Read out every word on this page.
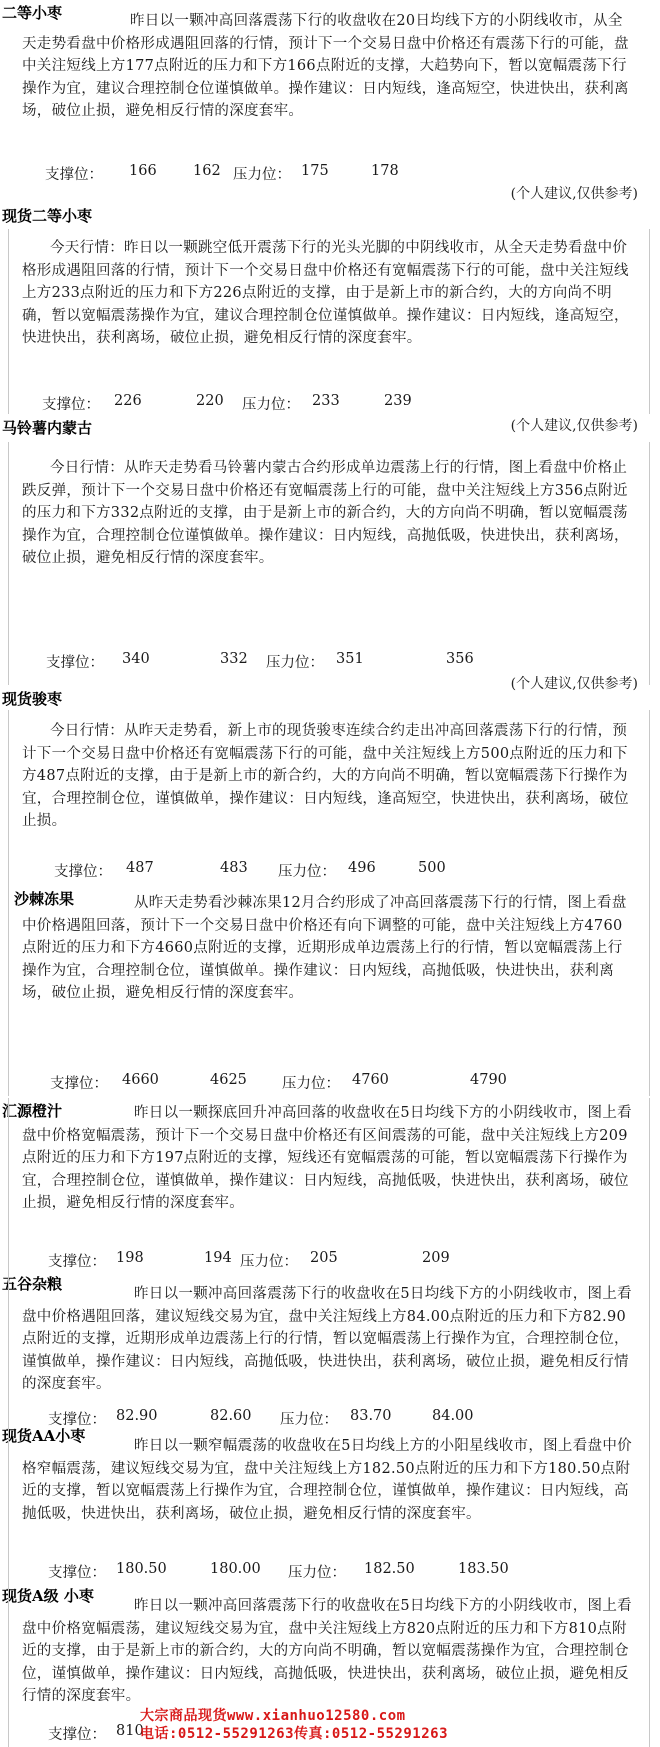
二等小枣	昨日以一颗冲高回落震荡下行的收盘收在20日均线下方的小阴线收市，从全天走势看盘中价格形成遇阻回落的行情，预计下一个交易日盘中价格还有震荡下行的可能，盘中关注短线上方177点附近的压力和下方166点附近的支撑，大趋势向下，暂以宽幅震荡下行操作为宜，建议合理控制仓位谨慎做单。操作建议：日内短线，逢高短空，快进快出，获利离场，破位止损，避免相反行情的深度套牢。
支撑位： 166	162 压力位： 175	178
(个人建议,仅供参考)
现货二等小枣
今天行情：昨日以一颗跳空低开震荡下行的光头光脚的中阴线收市，从全天走势看盘中价格形成遇阻回落的行情，预计下一个交易日盘中价格还有宽幅震荡下行的可能，盘中关注短线上方233点附近的压力和下方226点附近的支撑，由于是新上市的新合约，大的方向尚不明确，暂以宽幅震荡操作为宜，建议合理控制仓位谨慎做单。操作建议：日内短线，逢高短空，快进快出，获利离场，破位止损，避免相反行情的深度套牢。
支撑位： 226	220 压力位： 233	239
马铃薯内蒙古	(个人建议,仅供参考)
今日行情：从昨天走势看马铃薯内蒙古合约形成单边震荡上行的行情，图上看盘中价格止跌反弹，预计下一个交易日盘中价格还有宽幅震荡上行的可能，盘中关注短线上方356点附近的压力和下方332点附近的支撑，由于是新上市的新合约，大的方向尚不明确，暂以宽幅震荡操作为宜，合理控制仓位谨慎做单。操作建议：日内短线，高抛低吸，快进快出，获利离场，破位止损，避免相反行情的深度套牢。
支撑位： 340	332 压力位： 351	356
(个人建议,仅供参考)
现货骏枣
今日行情：从昨天走势看，新上市的现货骏枣连续合约走出冲高回落震荡下行的行情，预计下一个交易日盘中价格还有宽幅震荡下行的可能，盘中关注短线上方500点附近的压力和下方487点附近的支撑，由于是新上市的新合约，大的方向尚不明确，暂以宽幅震荡下行操作为宜，合理控制仓位，谨慎做单，操作建议：日内短线，逢高短空，快进快出，获利离场，破位止损。
支撑位： 487	483 压力位： 496	500
沙棘冻果	从昨天走势看沙棘冻果12月合约形成了冲高回落震荡下行的行情，图上看盘中价格遇阻回落，预计下一个交易日盘中价格还有向下调整的可能，盘中关注短线上方4760点附近的压力和下方4660点附近的支撑，近期形成单边震荡上行的行情，暂以宽幅震荡上行操作为宜，合理控制仓位，谨慎做单。操作建议：日内短线，高抛低吸，快进快出，获利离场，破位止损，避免相反行情的深度套牢。
支撑位： 4660	4625 压力位： 4760	4790
汇源橙汁	昨日以一颗探底回升冲高回落的收盘收在5日均线下方的小阴线收市，图上看盘中价格宽幅震荡，预计下一个交易日盘中价格还有区间震荡的可能，盘中关注短线上方209点附近的压力和下方197点附近的支撑，短线还有宽幅震荡的可能，暂以宽幅震荡下行操作为宜，合理控制仓位，谨慎做单，操作建议：日内短线，高抛低吸，快进快出，获利离场，破位止损，避免相反行情的深度套牢。
支撑位： 198	194 压力位： 205	209
五谷杂粮
昨日以一颗冲高回落震荡下行的收盘收在5日均线下方的小阴线收市，图上看盘中价格遇阻回落，建议短线交易为宜，盘中关注短线上方84.00点附近的压力和下方82.90点附近的支撑，近期形成单边震荡上行的行情，暂以宽幅震荡上行操作为宜，合理控制仓位，谨慎做单，操作建议：日内短线，高抛低吸，快进快出，获利离场，破位止损，避免相反行情的深度套牢。
支撑位： 82.90	82.60 压力位： 83.70	84.00
现货AA小枣
昨日以一颗窄幅震荡的收盘收在5日均线上方的小阳星线收市，图上看盘中价格窄幅震荡，建议短线交易为宜，盘中关注短线上方182.50点附近的压力和下方180.50点附近的支撑，暂以宽幅震荡上行操作为宜，合理控制仓位，谨慎做单，操作建议：日内短线，高抛低吸，快进快出，获利离场，破位止损，避免相反行情的深度套牢。
支撑位： 180.50	180.00 压力位： 182.50	183.50
现货A级 小枣
昨日以一颗冲高回落震荡下行的收盘收在5日均线下方的小阴线收市，图上看盘中价格宽幅震荡，建议短线交易为宜，盘中关注短线上方820点附近的压力和下方810点附近的支撑，由于是新上市的新合约，大的方向尚不明确，暂以宽幅震荡操作为宜，合理控制仓位，谨慎做单，操作建议：日内短线，高抛低吸，快进快出，获利离场，破位止损，避免相反行情的深度套牢。
支撑位： 810
大宗商品现货www.xianhuo12580.com
电话:0512-55291263传真:0512-55291263
